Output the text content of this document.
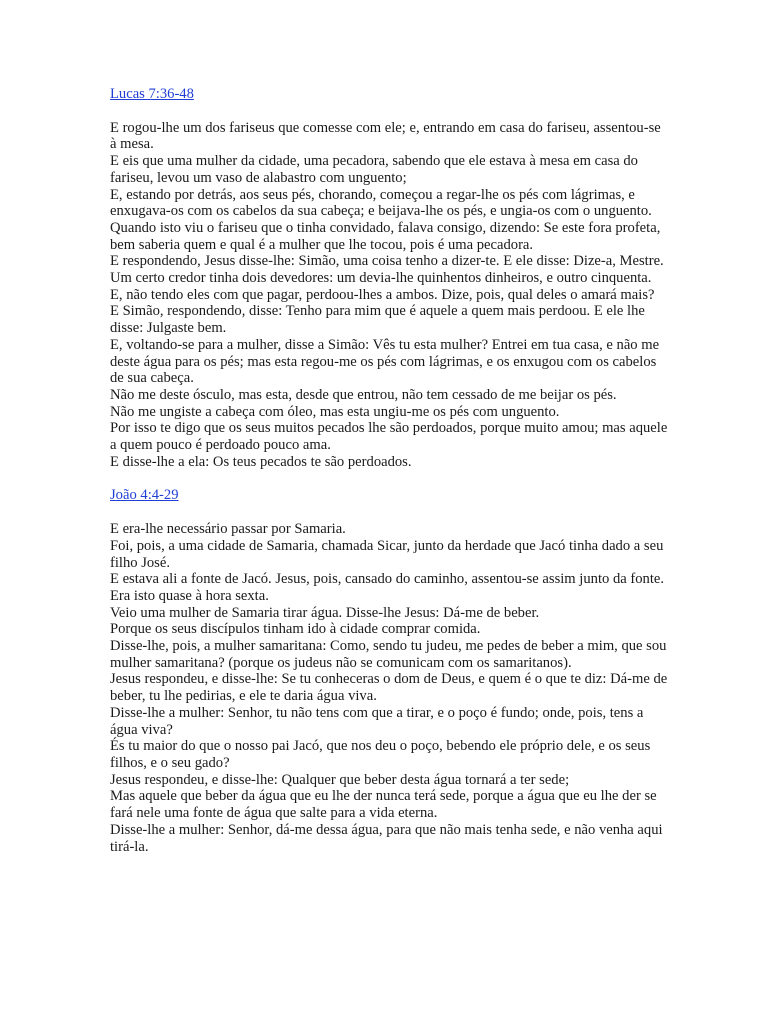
Lucas 7:36-48

E rogou-lhe um dos fariseus que comesse com ele; e, entrando em casa do fariseu, assentou-se à mesa.

E eis que uma mulher da cidade, uma pecadora, sabendo que ele estava à mesa em casa do fariseu, levou um vaso de alabastro com unguento;

E, estando por detrás, aos seus pés, chorando, começou a regar-lhe os pés com lágrimas, e enxugava-os com os cabelos da sua cabeça; e beijava-lhe os pés, e ungia-os com o unguento.

Quando isto viu o fariseu que o tinha convidado, falava consigo, dizendo: Se este fora profeta, bem saberia quem e qual é a mulher que lhe tocou, pois é uma pecadora.

E respondendo, Jesus disse-lhe: Simão, uma coisa tenho a dizer-te. E ele disse: Dize-a, Mestre.

Um certo credor tinha dois devedores: um devia-lhe quinhentos dinheiros, e outro cinquenta.

E, não tendo eles com que pagar, perdoou-lhes a ambos. Dize, pois, qual deles o amará mais?

E Simão, respondendo, disse: Tenho para mim que é aquele a quem mais perdoou. E ele lhe disse: Julgaste bem.

E, voltando-se para a mulher, disse a Simão: Vês tu esta mulher? Entrei em tua casa, e não me deste água para os pés; mas esta regou-me os pés com lágrimas, e os enxugou com os cabelos de sua cabeça.

Não me deste ósculo, mas esta, desde que entrou, não tem cessado de me beijar os pés.

Não me ungiste a cabeça com óleo, mas esta ungiu-me os pés com unguento.

Por isso te digo que os seus muitos pecados lhe são perdoados, porque muito amou; mas aquele a quem pouco é perdoado pouco ama.

E disse-lhe a ela: Os teus pecados te são perdoados.

João 4:4-29

E era-lhe necessário passar por Samaria.

Foi, pois, a uma cidade de Samaria, chamada Sicar, junto da herdade que Jacó tinha dado a seu filho José.

E estava ali a fonte de Jacó. Jesus, pois, cansado do caminho, assentou-se assim junto da fonte. Era isto quase à hora sexta.

Veio uma mulher de Samaria tirar água. Disse-lhe Jesus: Dá-me de beber.

Porque os seus discípulos tinham ido à cidade comprar comida.

Disse-lhe, pois, a mulher samaritana: Como, sendo tu judeu, me pedes de beber a mim, que sou mulher samaritana? (porque os judeus não se comunicam com os samaritanos).

Jesus respondeu, e disse-lhe: Se tu conheceras o dom de Deus, e quem é o que te diz: Dá-me de beber, tu lhe pedirias, e ele te daria água viva.

Disse-lhe a mulher: Senhor, tu não tens com que a tirar, e o poço é fundo; onde, pois, tens a água viva?

És tu maior do que o nosso pai Jacó, que nos deu o poço, bebendo ele próprio dele, e os seus filhos, e o seu gado?

Jesus respondeu, e disse-lhe: Qualquer que beber desta água tornará a ter sede;

Mas aquele que beber da água que eu lhe der nunca terá sede, porque a água que eu lhe der se fará nele uma fonte de água que salte para a vida eterna.

Disse-lhe a mulher: Senhor, dá-me dessa água, para que não mais tenha sede, e não venha aqui tirá-la.
